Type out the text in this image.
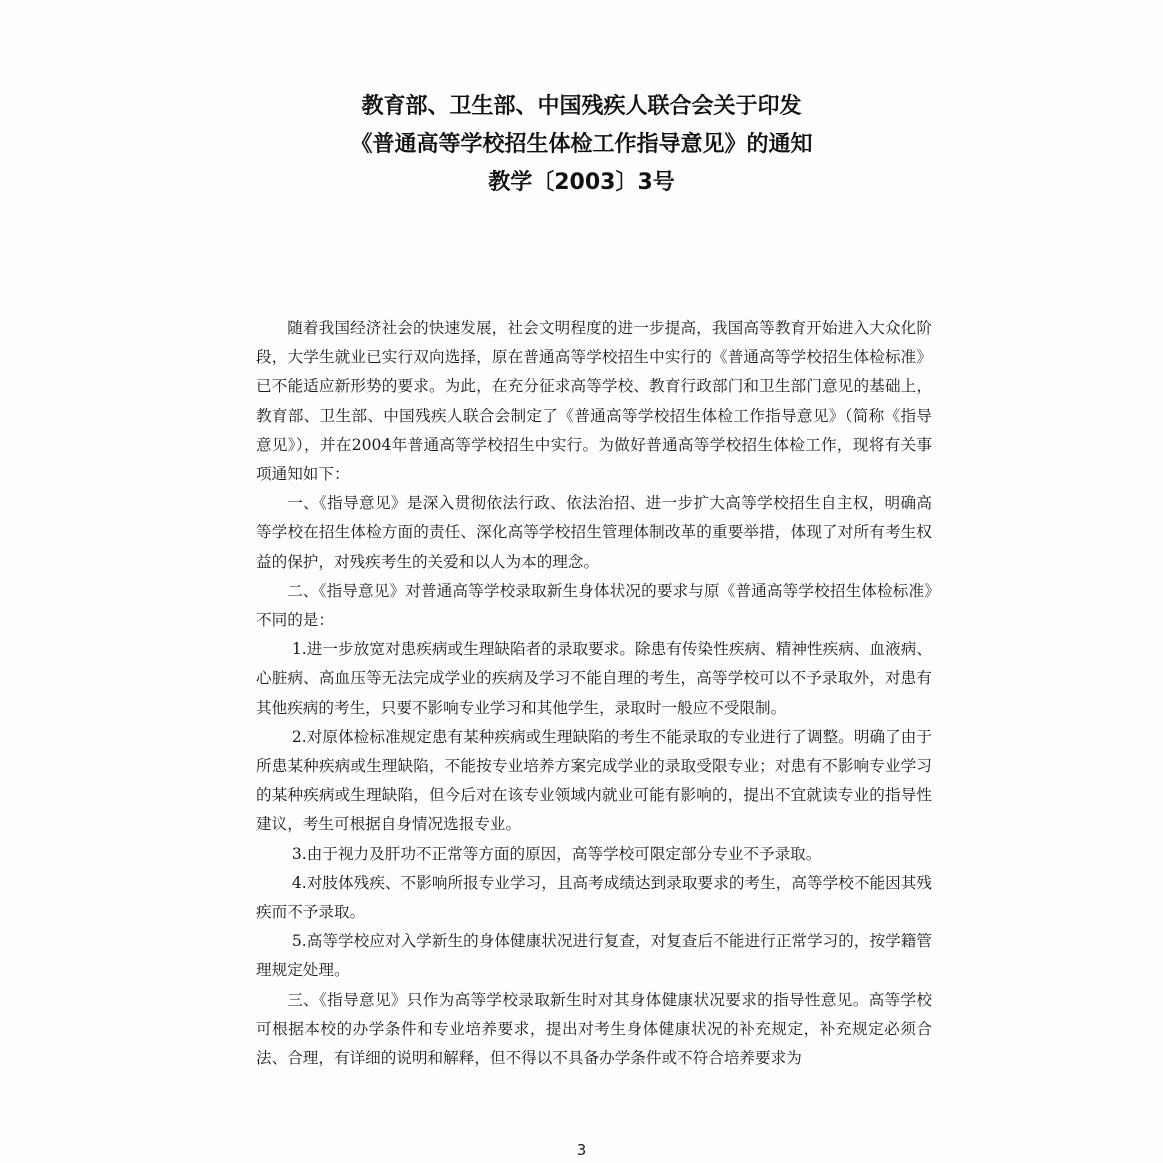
教育部、卫生部、中国残疾人联合会关于印发
《普通高等学校招生体检工作指导意见》的通知
教学〔2003〕3号

随着我国经济社会的快速发展，社会文明程度的进一步提高，我国高等教育开始进入大众化阶段，大学生就业已实行双向选择，原在普通高等学校招生中实行的《普通高等学校招生体检标准》已不能适应新形势的要求。为此，在充分征求高等学校、教育行政部门和卫生部门意见的基础上，教育部、卫生部、中国残疾人联合会制定了《普通高等学校招生体检工作指导意见》（简称《指导意见》），并在2004年普通高等学校招生中实行。为做好普通高等学校招生体检工作，现将有关事项通知如下：

一、《指导意见》是深入贯彻依法行政、依法治招、进一步扩大高等学校招生自主权，明确高等学校在招生体检方面的责任、深化高等学校招生管理体制改革的重要举措，体现了对所有考生权益的保护，对残疾考生的关爱和以人为本的理念。

二、《指导意见》对普通高等学校录取新生身体状况的要求与原《普通高等学校招生体检标准》不同的是：

1.进一步放宽对患疾病或生理缺陷者的录取要求。除患有传染性疾病、精神性疾病、血液病、心脏病、高血压等无法完成学业的疾病及学习不能自理的考生，高等学校可以不予录取外，对患有其他疾病的考生，只要不影响专业学习和其他学生，录取时一般应不受限制。

2.对原体检标准规定患有某种疾病或生理缺陷的考生不能录取的专业进行了调整。明确了由于所患某种疾病或生理缺陷，不能按专业培养方案完成学业的录取受限专业；对患有不影响专业学习的某种疾病或生理缺陷，但今后对在该专业领域内就业可能有影响的，提出不宜就读专业的指导性建议，考生可根据自身情况选报专业。

3.由于视力及肝功不正常等方面的原因，高等学校可限定部分专业不予录取。

4.对肢体残疾、不影响所报专业学习，且高考成绩达到录取要求的考生，高等学校不能因其残疾而不予录取。

5.高等学校应对入学新生的身体健康状况进行复查，对复查后不能进行正常学习的，按学籍管理规定处理。

三、《指导意见》只作为高等学校录取新生时对其身体健康状况要求的指导性意见。高等学校可根据本校的办学条件和专业培养要求，提出对考生身体健康状况的补充规定，补充规定必须合法、合理，有详细的说明和解释，但不得以不具备办学条件或不符合培养要求为

3
